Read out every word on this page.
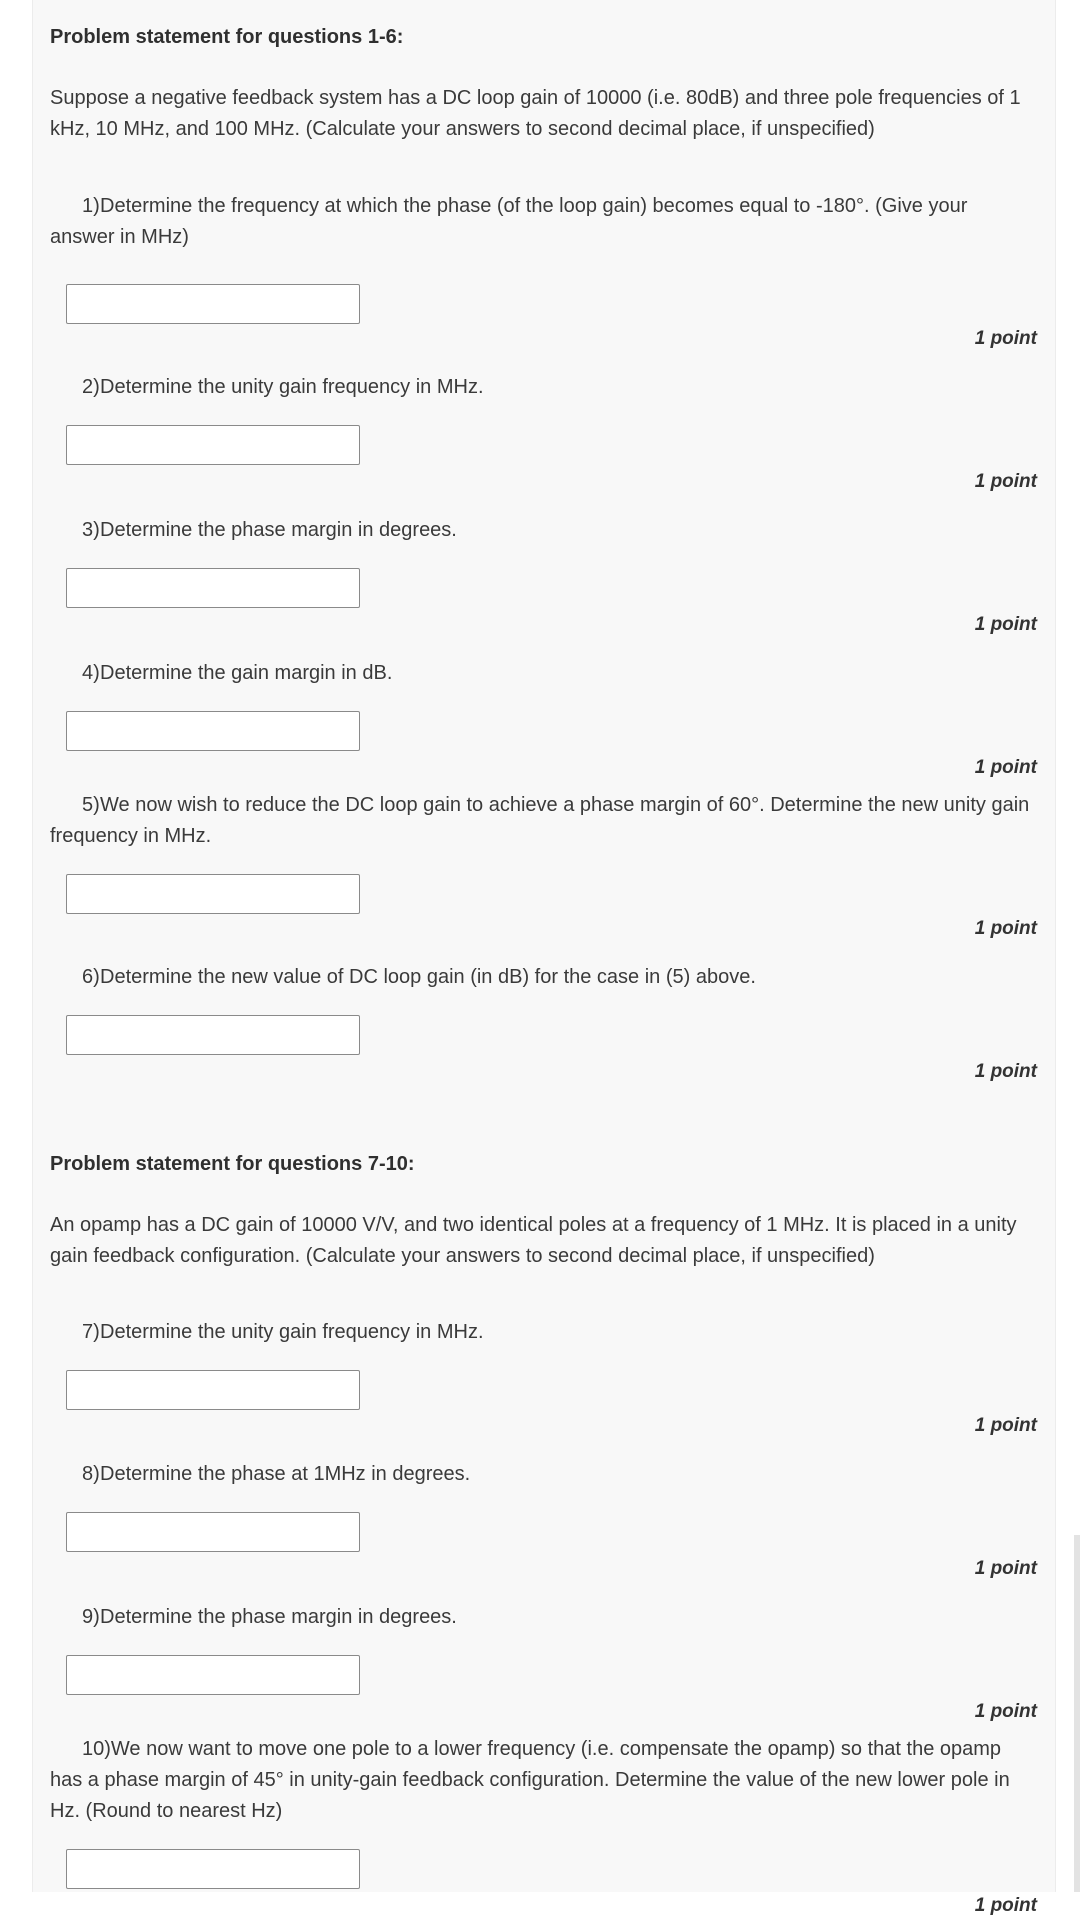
Problem statement for questions 1-6:

Suppose a negative feedback system has a DC loop gain of 10000 (i.e. 80dB) and three pole frequencies of 1 kHz, 10 MHz, and 100 MHz. (Calculate your answers to second decimal place, if unspecified)

1)Determine the frequency at which the phase (of the loop gain) becomes equal to -180°. (Give your answer in MHz)

1 point

2)Determine the unity gain frequency in MHz.

1 point

3)Determine the phase margin in degrees.

1 point

4)Determine the gain margin in dB.

1 point

5)We now wish to reduce the DC loop gain to achieve a phase margin of 60°. Determine the new unity gain frequency in MHz.

1 point

6)Determine the new value of DC loop gain (in dB) for the case in (5) above.

1 point

Problem statement for questions 7-10:

An opamp has a DC gain of 10000 V/V, and two identical poles at a frequency of 1 MHz. It is placed in a unity gain feedback configuration. (Calculate your answers to second decimal place, if unspecified)

7)Determine the unity gain frequency in MHz.

1 point

8)Determine the phase at 1MHz in degrees.

1 point

9)Determine the phase margin in degrees.

1 point

10)We now want to move one pole to a lower frequency (i.e. compensate the opamp) so that the opamp has a phase margin of 45° in unity-gain feedback configuration. Determine the value of the new lower pole in Hz. (Round to nearest Hz)

1 point
